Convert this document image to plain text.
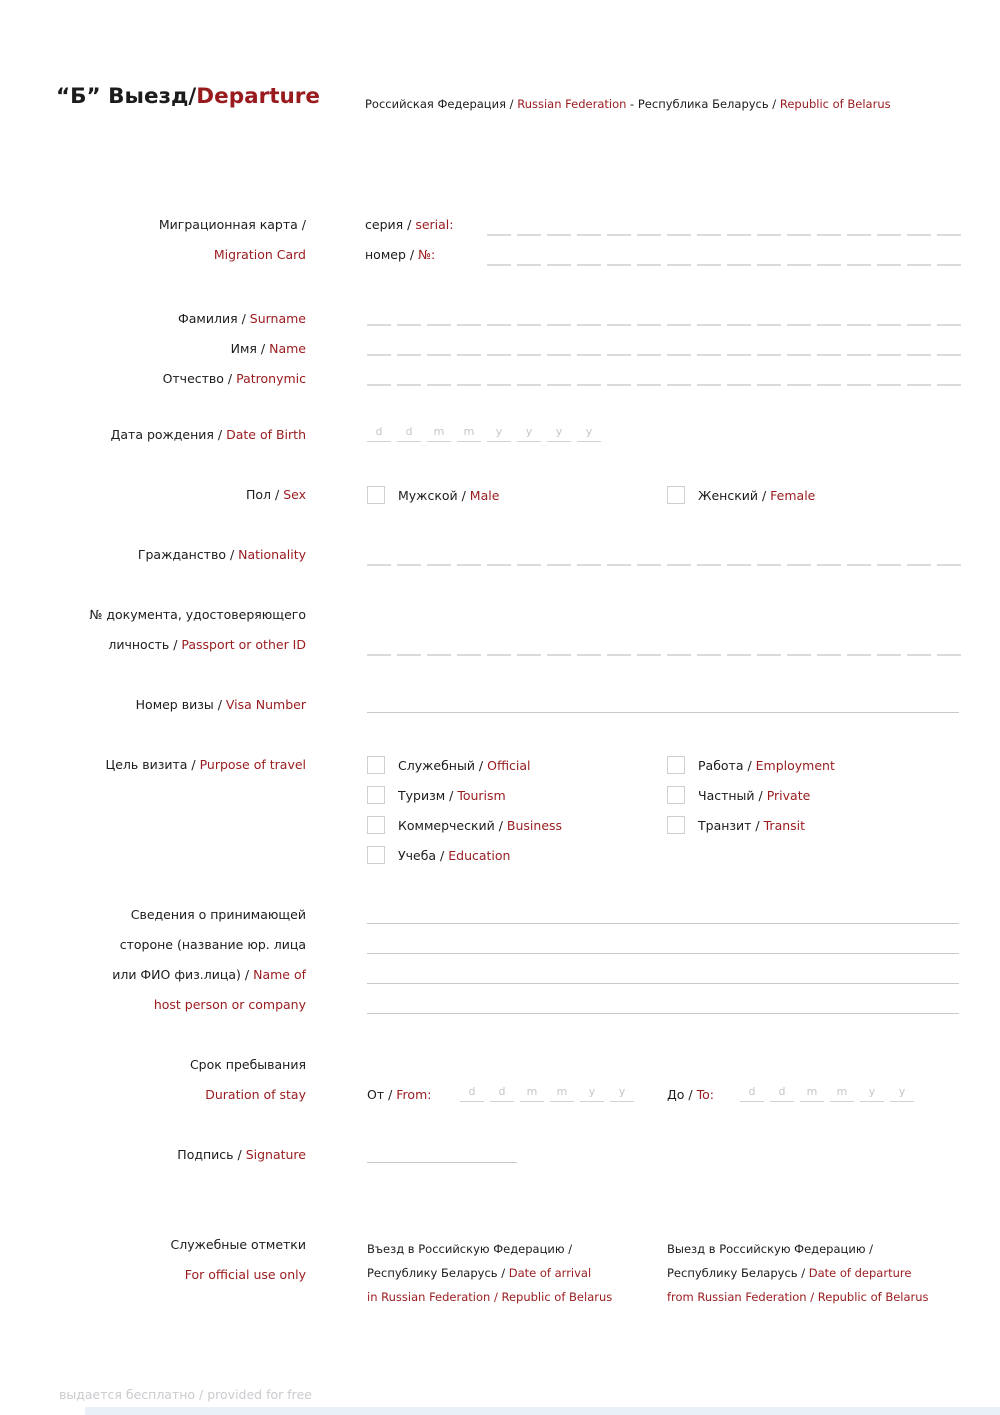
“Б” Выезд/Departure	Российская Федерация / Russian Federation - Республика Беларусь / Republic of Belarus
Миграционная карта /
Migration Card
серия / serial:
номер / №:
Фамилия / Surname
Имя / Name
Отчество / Patronymic
Дата рождения / Date of Birth	d d m m y y y y
Пол / Sex	Мужской / Male	Женский / Female
Гражданство / Nationality
№ документа, удостоверяющего
личность / Passport or other ID
Номер визы / Visa Number
Цель визита / Purpose of travel	Служебный / Official
Туризм / Tourism
Коммерческий / Business
Учеба / Education
Работа / Employment
Частный / Private
Транзит / Transit
Сведения о принимающей
стороне (название юр. лица
или ФИО физ.лица) / Name of
host person or company
Срок пребывания
Duration of stay	От / From:	d d m m y y	До / To:	d d m m y y
Подпись / Signature
Служебные отметки
For official use only
Въезд в Российскую Федерацию /
Республику Беларусь / Date of arrival
in Russian Federation / Republic of Belarus
Выезд в Российскую Федерацию /
Республику Беларусь / Date of departure
from Russian Federation / Republic of Belarus
выдается бесплатно / provided for free
